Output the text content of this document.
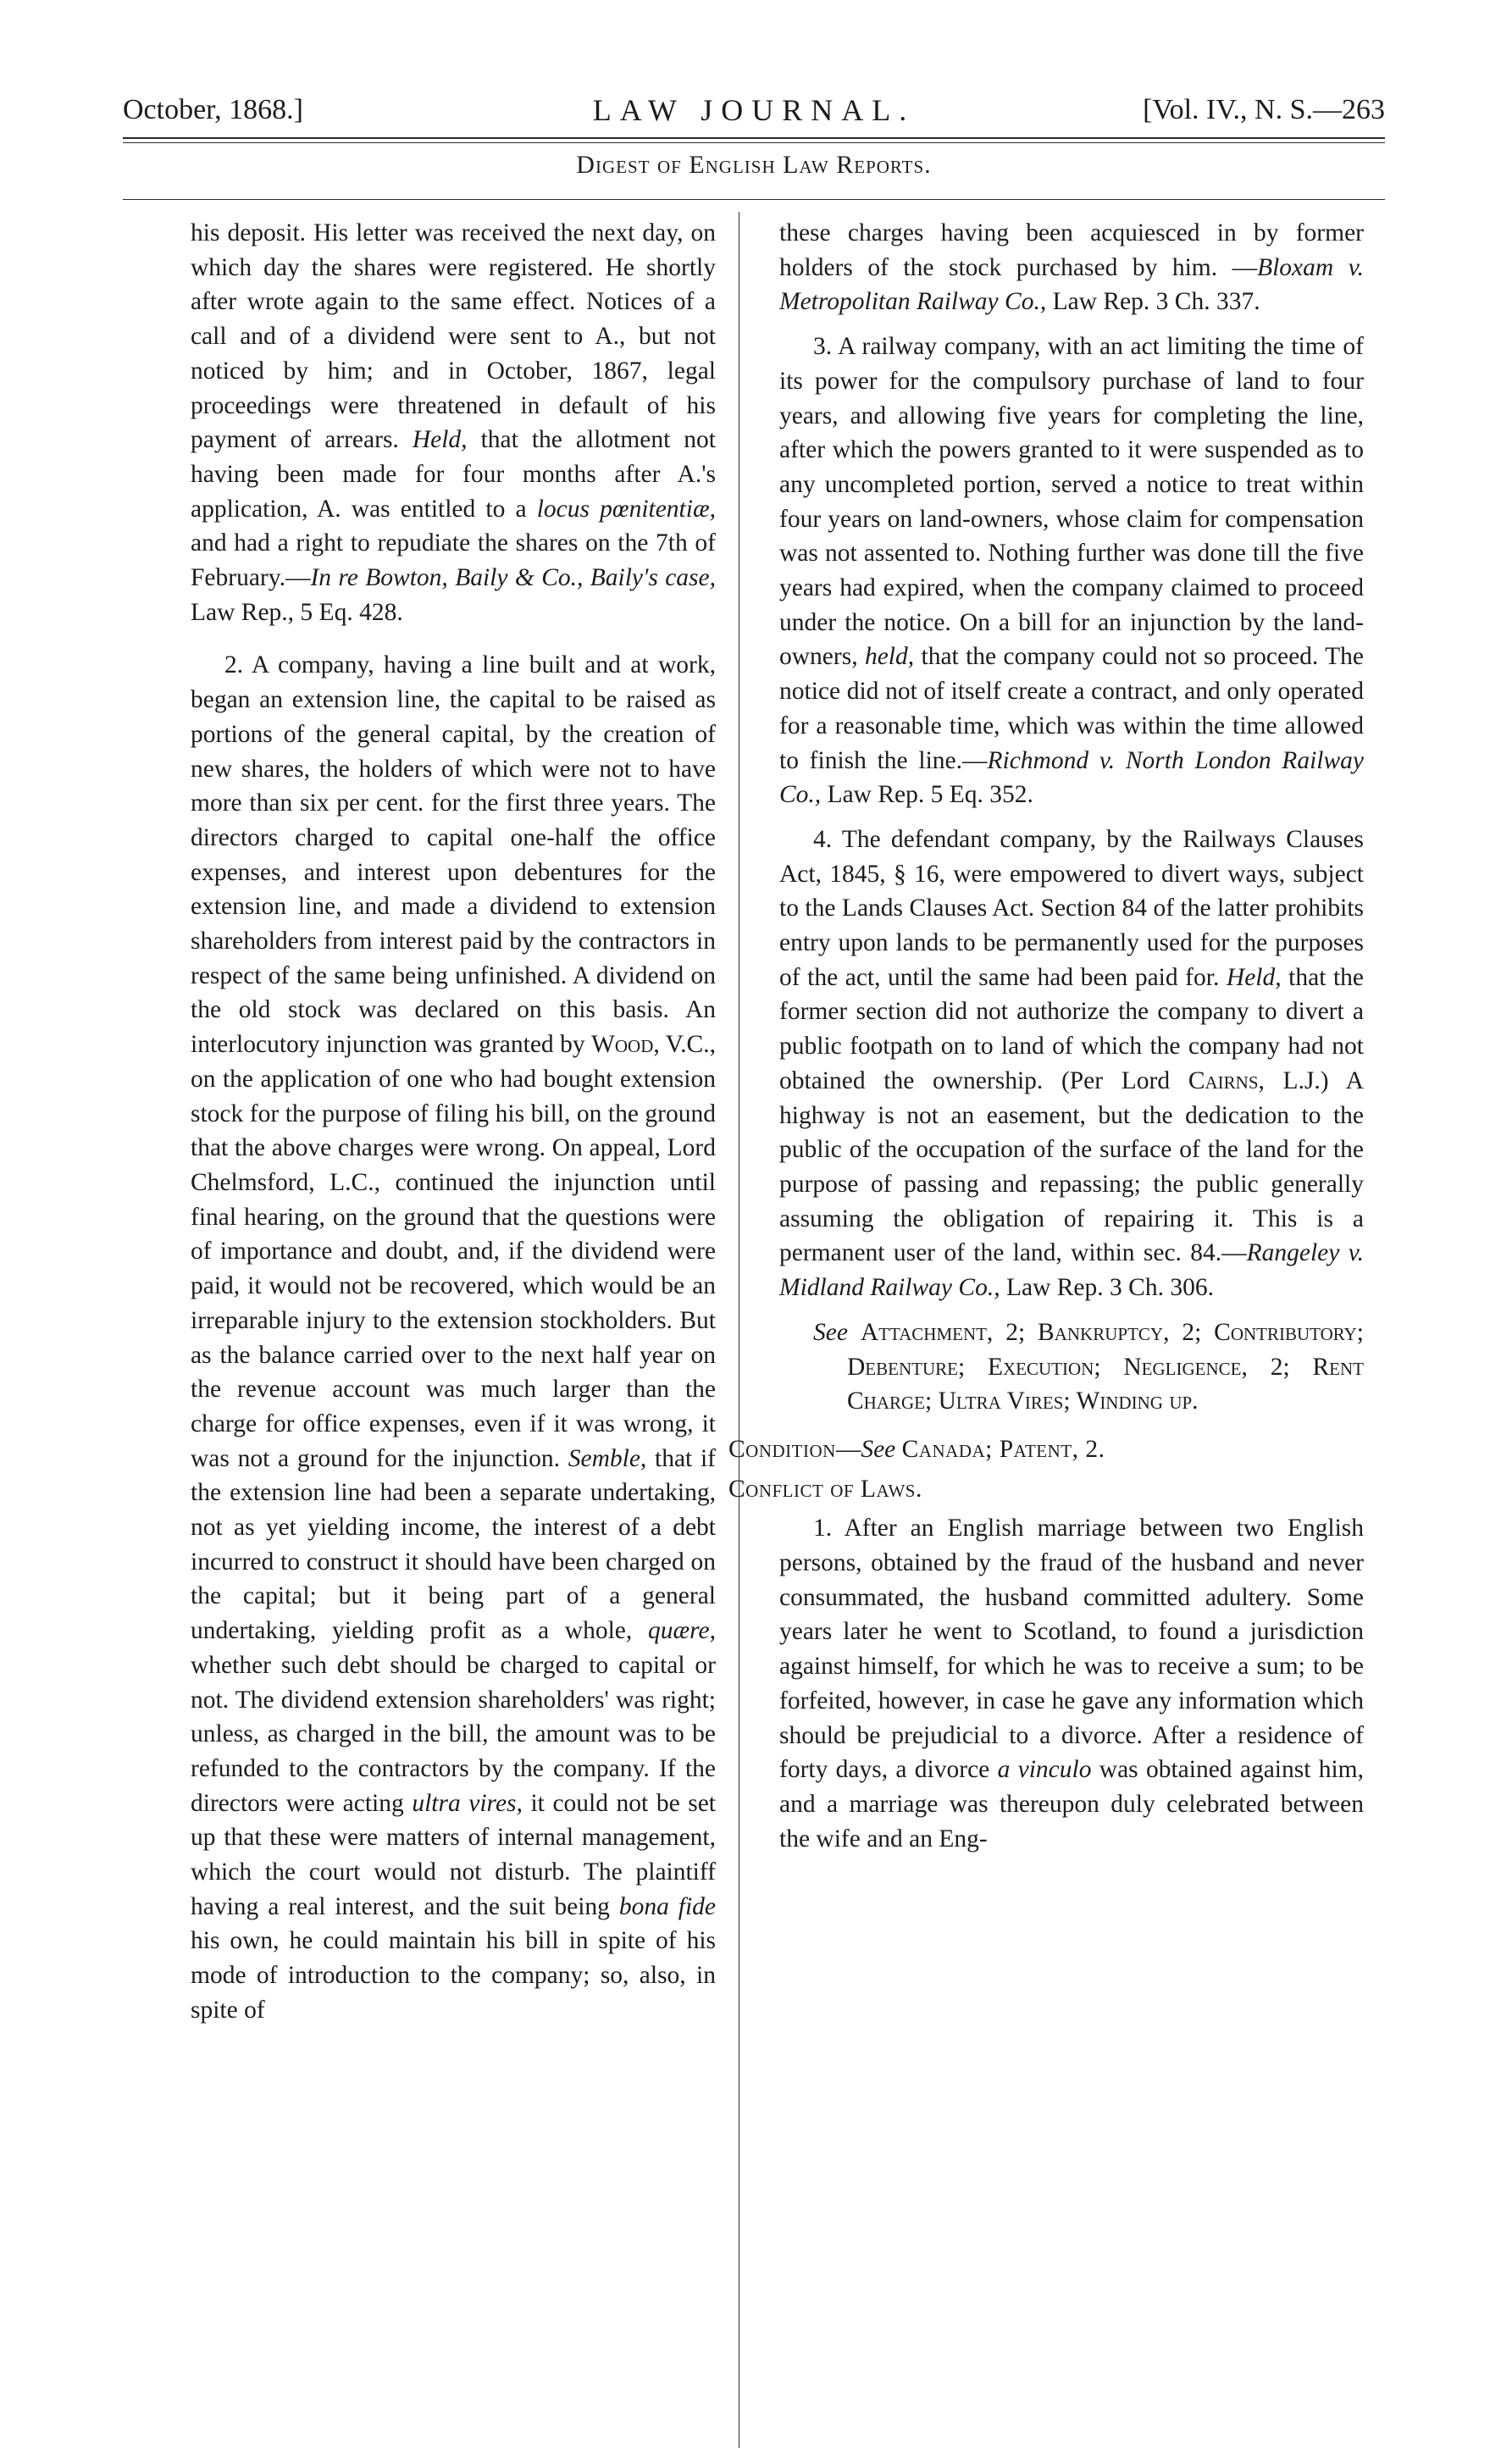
October, 1868.]	LAW JOURNAL.	[Vol. IV., N. S.—263
Digest of English Law Reports.

his deposit. His letter was received the next day, on which day the shares were registered. He shortly after wrote again to the same effect. Notices of a call and of a dividend were sent to A., but not noticed by him; and in October, 1867, legal proceedings were threatened in default of his payment of arrears. Held, that the allotment not having been made for four months after A.'s application, A. was entitled to a locus pœnitentiæ, and had a right to repudiate the shares on the 7th of February.—In re Bowton, Baily & Co., Baily's case, Law Rep., 5 Eq. 428.

2. A company, having a line built and at work, began an extension line, the capital to be raised as portions of the general capital, by the creation of new shares, the holders of which were not to have more than six per cent. for the first three years. The directors charged to capital one-half the office expenses, and interest upon debentures for the extension line, and made a dividend to extension shareholders from interest paid by the contractors in respect of the same being unfinished. A dividend on the old stock was declared on this basis. An interlocutory injunction was granted by Wood, V.C., on the application of one who had bought extension stock for the purpose of filing his bill, on the ground that the above charges were wrong. On appeal, Lord Chelmsford, L.C., continued the injunction until final hearing, on the ground that the questions were of importance and doubt, and, if the dividend were paid, it would not be recovered, which would be an irreparable injury to the extension stockholders. But as the balance carried over to the next half year on the revenue account was much larger than the charge for office expenses, even if it was wrong, it was not a ground for the injunction. Semble, that if the extension line had been a separate undertaking, not as yet yielding income, the interest of a debt incurred to construct it should have been charged on the capital; but it being part of a general undertaking, yielding profit as a whole, quære, whether such debt should be charged to capital or not. The dividend extension shareholders' was right; unless, as charged in the bill, the amount was to be refunded to the contractors by the company. If the directors were acting ultra vires, it could not be set up that these were matters of internal management, which the court would not disturb. The plaintiff having a real interest, and the suit being bona fide his own, he could maintain his bill in spite of his mode of introduction to the company; so, also, in spite of

these charges having been acquiesced in by former holders of the stock purchased by him. —Bloxam v. Metropolitan Railway Co., Law Rep. 3 Ch. 337.

3. A railway company, with an act limiting the time of its power for the compulsory purchase of land to four years, and allowing five years for completing the line, after which the powers granted to it were suspended as to any uncompleted portion, served a notice to treat within four years on land-owners, whose claim for compensation was not assented to. Nothing further was done till the five years had expired, when the company claimed to proceed under the notice. On a bill for an injunction by the land-owners, held, that the company could not so proceed. The notice did not of itself create a contract, and only operated for a reasonable time, which was within the time allowed to finish the line.—Richmond v. North London Railway Co., Law Rep. 5 Eq. 352.

4. The defendant company, by the Railways Clauses Act, 1845, § 16, were empowered to divert ways, subject to the Lands Clauses Act. Section 84 of the latter prohibits entry upon lands to be permanently used for the purposes of the act, until the same had been paid for. Held, that the former section did not authorize the company to divert a public footpath on to land of which the company had not obtained the ownership. (Per Lord Cairns, L.J.) A highway is not an easement, but the dedication to the public of the occupation of the surface of the land for the purpose of passing and repassing; the public generally assuming the obligation of repairing it. This is a permanent user of the land, within sec. 84.—Rangeley v. Midland Railway Co., Law Rep. 3 Ch. 306.

See Attachment, 2; Bankruptcy, 2; Contributory; Debenture; Execution; Negligence, 2; Rent Charge; Ultra Vires; Winding up.

Condition—See Canada; Patent, 2.

Conflict of Laws.

1. After an English marriage between two English persons, obtained by the fraud of the husband and never consummated, the husband committed adultery. Some years later he went to Scotland, to found a jurisdiction against himself, for which he was to receive a sum; to be forfeited, however, in case he gave any information which should be prejudicial to a divorce. After a residence of forty days, a divorce a vinculo was obtained against him, and a marriage was thereupon duly celebrated between the wife and an Eng-
